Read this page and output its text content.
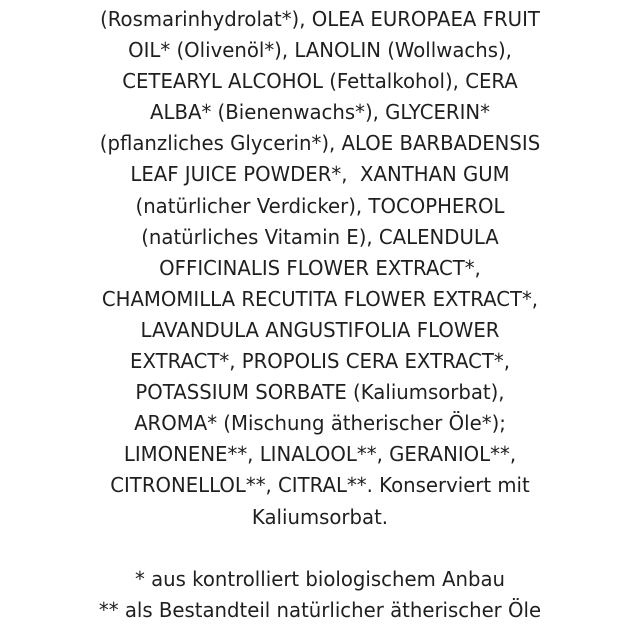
(Rosmarinhydrolat*), OLEA EUROPAEA FRUIT
OIL* (Olivenöl*), LANOLIN (Wollwachs),
CETEARYL ALCOHOL (Fettalkohol), CERA
ALBA* (Bienenwachs*), GLYCERIN*
(pflanzliches Glycerin*), ALOE BARBADENSIS
LEAF JUICE POWDER*,  XANTHAN GUM
(natürlicher Verdicker), TOCOPHEROL
(natürliches Vitamin E), CALENDULA
OFFICINALIS FLOWER EXTRACT*,
CHAMOMILLA RECUTITA FLOWER EXTRACT*,
LAVANDULA ANGUSTIFOLIA FLOWER
EXTRACT*, PROPOLIS CERA EXTRACT*,
POTASSIUM SORBATE (Kaliumsorbat),
AROMA* (Mischung ätherischer Öle*);
LIMONENE**, LINALOOL**, GERANIOL**,
CITRONELLOL**, CITRAL**. Konserviert mit
Kaliumsorbat.
* aus kontrolliert biologischem Anbau
** als Bestandteil natürlicher ätherischer Öle
